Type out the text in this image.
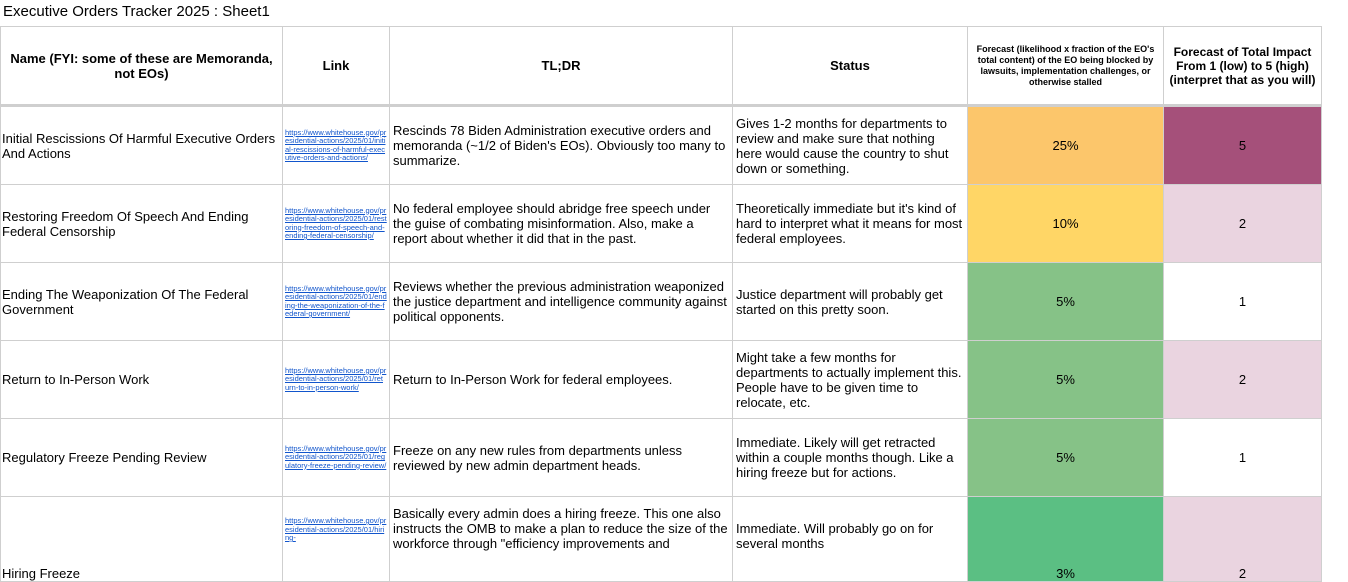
Executive Orders Tracker 2025 : Sheet1
Name (FYI: some of these are Memoranda, not EOs)	Link	TL;DR	Status	Forecast (likelihood x fraction of the EO's total content) of the EO being blocked by lawsuits, implementation challenges, or otherwise stalled	Forecast of Total Impact From 1 (low) to 5 (high) (interpret that as you will)
Initial Rescissions Of Harmful Executive Orders And Actions	https://www.whitehouse.gov/presidential-actions/2025/01/initial-rescissions-of-harmful-executive-orders-and-actions/	Rescinds 78 Biden Administration executive orders and memoranda (~1/2 of Biden's EOs). Obviously too many to summarize.	Gives 1-2 months for departments to review and make sure that nothing here would cause the country to shut down or something.	25%	5
Restoring Freedom Of Speech And Ending Federal Censorship	https://www.whitehouse.gov/presidential-actions/2025/01/restoring-freedom-of-speech-and-ending-federal-censorship/	No federal employee should abridge free speech under the guise of combating misinformation. Also, make a report about whether it did that in the past.	Theoretically immediate but it's kind of hard to interpret what it means for most federal employees.	10%	2
Ending The Weaponization Of The Federal Government	https://www.whitehouse.gov/presidential-actions/2025/01/ending-the-weaponization-of-the-federal-government/	Reviews whether the previous administration weaponized the justice department and intelligence community against political opponents.	Justice department will probably get started on this pretty soon.	5%	1
Return to In-Person Work	https://www.whitehouse.gov/presidential-actions/2025/01/return-to-in-person-work/	Return to In-Person Work for federal employees.	Might take a few months for departments to actually implement this. People have to be given time to relocate, etc.	5%	2
Regulatory Freeze Pending Review	https://www.whitehouse.gov/presidential-actions/2025/01/regulatory-freeze-pending-review/	Freeze on any new rules from departments unless reviewed by new admin department heads.	Immediate. Likely will get retracted within a couple months though. Like a hiring freeze but for actions.	5%	1
Hiring Freeze	https://www.whitehouse.gov/presidential-actions/2025/01/hiring-	Basically every admin does a hiring freeze. This one also instructs the OMB to make a plan to reduce the size of the workforce through "efficiency improvements and	Immediate. Will probably go on for several months	3%	2
